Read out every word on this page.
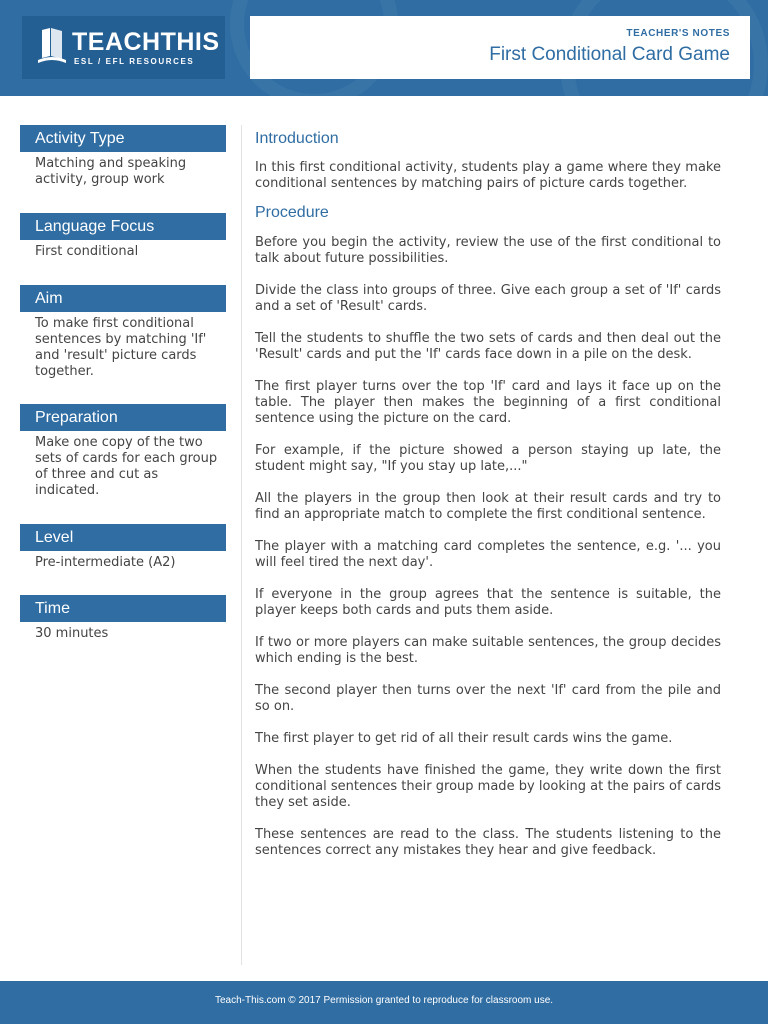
TEACHTHIS
ESL / EFL RESOURCES
TEACHER'S NOTES
First Conditional Card Game
Activity Type
Matching and speaking activity, group work
Language Focus
First conditional
Aim
To make first conditional sentences by matching 'If' and 'result' picture cards together.
Preparation
Make one copy of the two sets of cards for each group of three and cut as indicated.
Level
Pre-intermediate (A2)
Time
30 minutes
Introduction

In this first conditional activity, students play a game where they make conditional sentences by matching pairs of picture cards together.

Procedure

Before you begin the activity, review the use of the first conditional to talk about future possibilities.

Divide the class into groups of three. Give each group a set of 'If' cards and a set of 'Result' cards.

Tell the students to shuffle the two sets of cards and then deal out the 'Result' cards and put the 'If' cards face down in a pile on the desk.

The first player turns over the top 'If' card and lays it face up on the table. The player then makes the beginning of a first conditional sentence using the picture on the card.

For example, if the picture showed a person staying up late, the student might say, "If you stay up late,..."

All the players in the group then look at their result cards and try to find an appropriate match to complete the first conditional sentence.

The player with a matching card completes the sentence, e.g. '... you will feel tired the next day'.

If everyone in the group agrees that the sentence is suitable, the player keeps both cards and puts them aside.

If two or more players can make suitable sentences, the group decides which ending is the best.

The second player then turns over the next 'If' card from the pile and so on.

The first player to get rid of all their result cards wins the game.

When the students have finished the game, they write down the first conditional sentences their group made by looking at the pairs of cards they set aside.

These sentences are read to the class. The students listening to the sentences correct any mistakes they hear and give feedback.

Teach-This.com © 2017 Permission granted to reproduce for classroom use.
